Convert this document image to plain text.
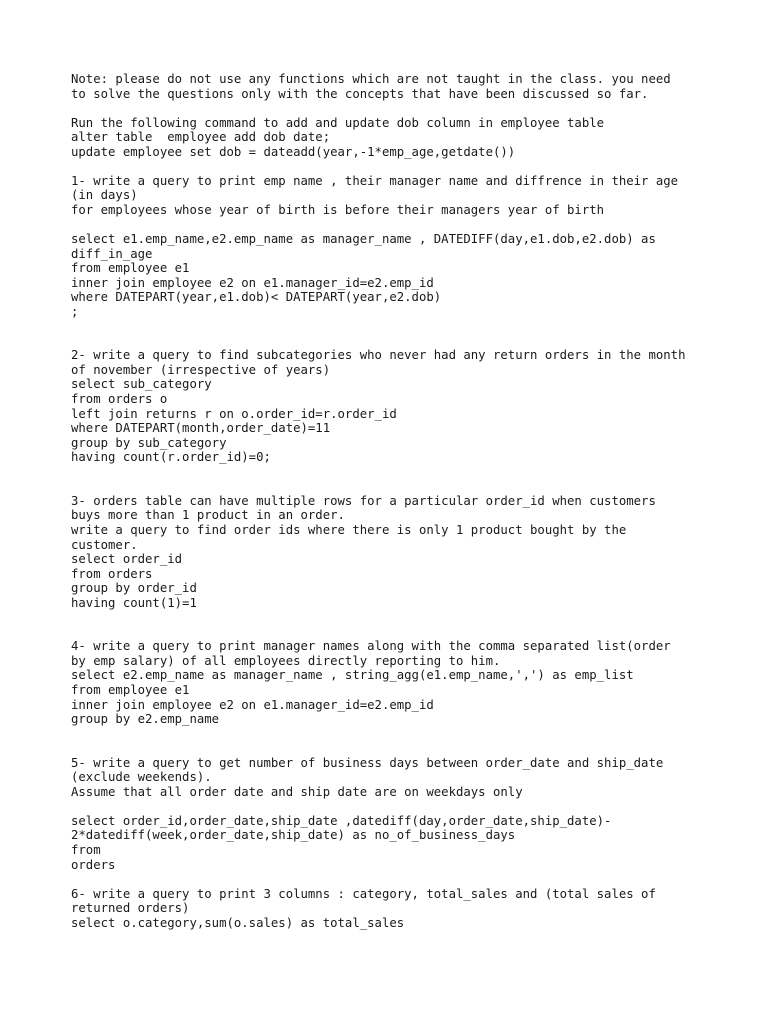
Note: please do not use any functions which are not taught in the class. you need
to solve the questions only with the concepts that have been discussed so far.
Run the following command to add and update dob column in employee table
alter table  employee add dob date;
update employee set dob = dateadd(year,-1*emp_age,getdate())
1- write a query to print emp name , their manager name and diffrence in their age
(in days)
for employees whose year of birth is before their managers year of birth
select e1.emp_name,e2.emp_name as manager_name , DATEDIFF(day,e1.dob,e2.dob) as
diff_in_age
from employee e1
inner join employee e2 on e1.manager_id=e2.emp_id
where DATEPART(year,e1.dob)< DATEPART(year,e2.dob)
;
2- write a query to find subcategories who never had any return orders in the month
of november (irrespective of years)
select sub_category
from orders o
left join returns r on o.order_id=r.order_id
where DATEPART(month,order_date)=11
group by sub_category
having count(r.order_id)=0;
3- orders table can have multiple rows for a particular order_id when customers
buys more than 1 product in an order.
write a query to find order ids where there is only 1 product bought by the
customer.
select order_id
from orders
group by order_id
having count(1)=1
4- write a query to print manager names along with the comma separated list(order
by emp salary) of all employees directly reporting to him.
select e2.emp_name as manager_name , string_agg(e1.emp_name,',') as emp_list
from employee e1
inner join employee e2 on e1.manager_id=e2.emp_id
group by e2.emp_name
5- write a query to get number of business days between order_date and ship_date
(exclude weekends).
Assume that all order date and ship date are on weekdays only
select order_id,order_date,ship_date ,datediff(day,order_date,ship_date)-
2*datediff(week,order_date,ship_date) as no_of_business_days
from
orders
6- write a query to print 3 columns : category, total_sales and (total sales of
returned orders)
select o.category,sum(o.sales) as total_sales
